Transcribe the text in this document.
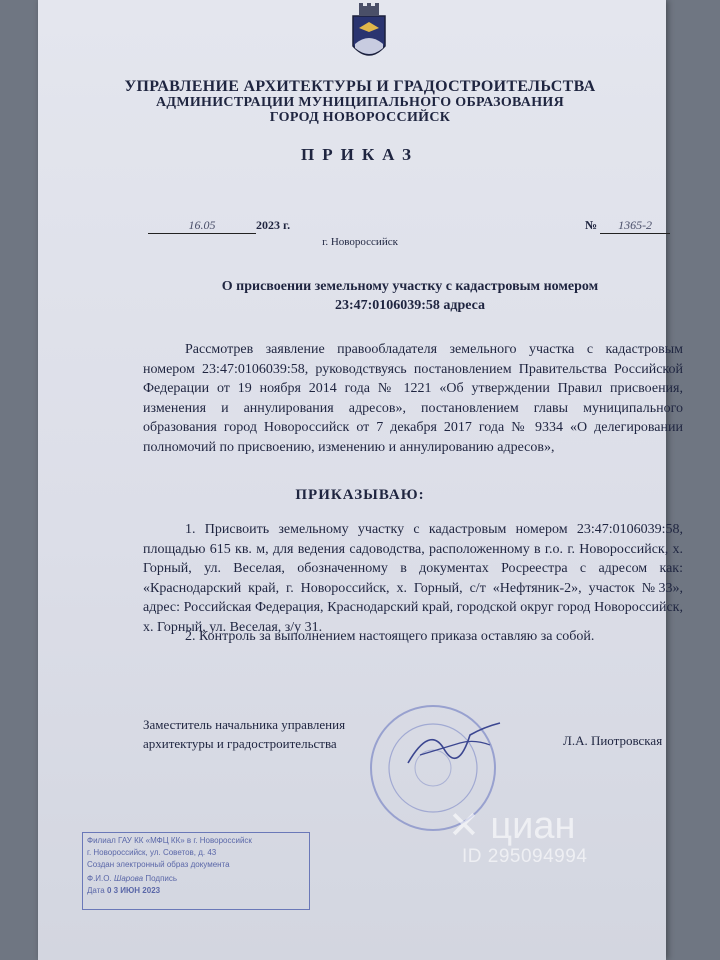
УПРАВЛЕНИЕ АРХИТЕКТУРЫ И ГРАДОСТРОИТЕЛЬСТВА
АДМИНИСТРАЦИИ МУНИЦИПАЛЬНОГО ОБРАЗОВАНИЯ
ГОРОД НОВОРОССИЙСК
ПРИКАЗ
16.05	2023 г.	№ 1365-2
г. Новороссийск
О присвоении земельному участку с кадастровым номером
23:47:0106039:58 адреса
Рассмотрев заявление правообладателя земельного участка с кадастровым номером 23:47:0106039:58, руководствуясь постановлением Правительства Российской Федерации от 19 ноября 2014 года № 1221 «Об утверждении Правил присвоения, изменения и аннулирования адресов», постановлением главы муниципального образования город Новороссийск от 7 декабря 2017 года № 9334 «О делегировании полномочий по присвоению, изменению и аннулированию адресов»,
ПРИКАЗЫВАЮ:
1. Присвоить земельному участку с кадастровым номером 23:47:0106039:58, площадью 615 кв. м, для ведения садоводства, расположенному в г.о. г. Новороссийск, х. Горный, ул. Веселая, обозначенному в документах Росреестра с адресом как: «Краснодарский край, г. Новороссийск, х. Горный, с/т «Нефтяник-2», участок №33», адрес: Российская Федерация, Краснодарский край, городской округ город Новороссийск, х. Горный, ул. Веселая, з/у 31.
2. Контроль за выполнением настоящего приказа оставляю за собой.
Заместитель начальника управления
архитектуры и градостроительства	Л.А. Пиотровская
Филиал ГАУ КК «МФЦ КК» в г. Новороссийск
г. Новороссийск, ул. Советов, д. 43
Создан электронный образ документа
Ф.И.О. Шарова Подпись
Дата 0 3 ИЮН 2023
✕ циан
ID 295094994
